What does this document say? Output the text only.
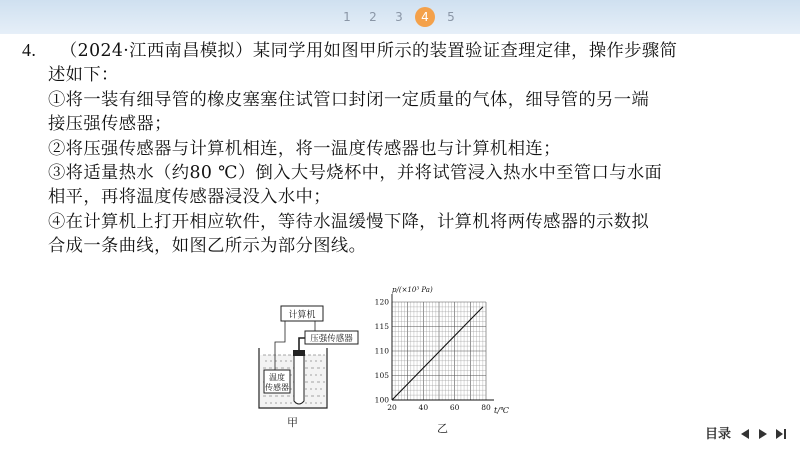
1	2	3	4	5
4. （2024·江西南昌模拟）某同学用如图甲所示的装置验证查理定律，操作步骤简
述如下：
①将一装有细导管的橡皮塞塞住试管口封闭一定质量的气体，细导管的另一端
接压强传感器；
②将压强传感器与计算机相连，将一温度传感器也与计算机相连；
③将适量热水（约80 ℃）倒入大号烧杯中，并将试管浸入热水中至管口与水面
相平，再将温度传感器浸没入水中；
④在计算机上打开相应软件，等待水温缓慢下降，计算机将两传感器的示数拟
合成一条曲线，如图乙所示为部分图线。
计算机
压强传感器
温度
传感器
甲
20	40	60	80
100
105
110
115
120
p/(×10³ Pa)
t/℃
乙	目录
